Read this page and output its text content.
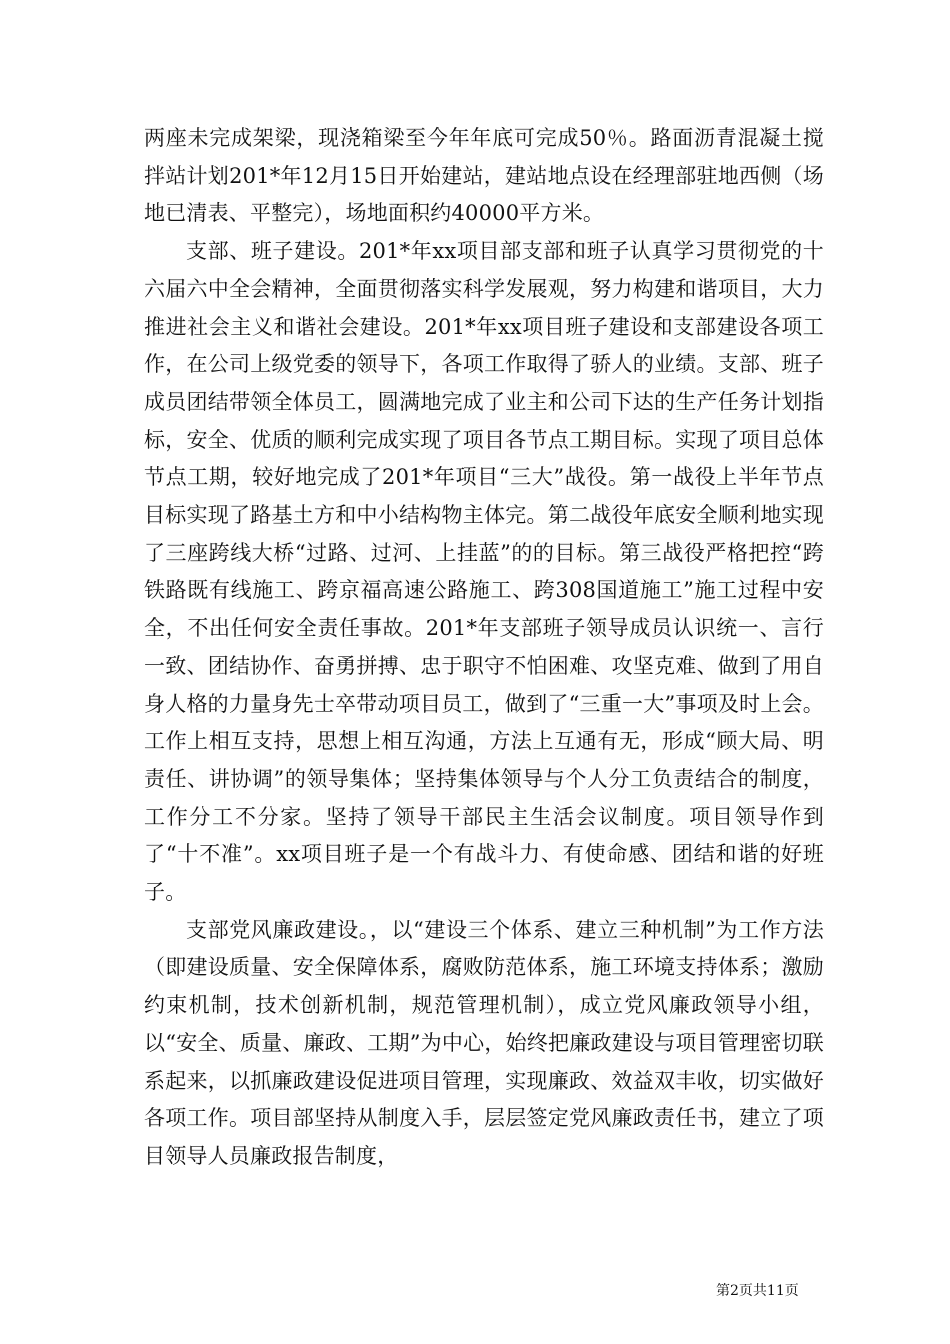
两座未完成架梁，现浇箱梁至今年年底可完成50％。路面沥青混凝土搅拌站计划201*年12月15日开始建站，建站地点设在经理部驻地西侧（场地已清表、平整完），场地面积约40000平方米。

支部、班子建设。201*年xx项目部支部和班子认真学习贯彻党的十六届六中全会精神，全面贯彻落实科学发展观，努力构建和谐项目，大力推进社会主义和谐社会建设。201*年xx项目班子建设和支部建设各项工作，在公司上级党委的领导下，各项工作取得了骄人的业绩。支部、班子成员团结带领全体员工，圆满地完成了业主和公司下达的生产任务计划指标，安全、优质的顺利完成实现了项目各节点工期目标。实现了项目总体节点工期，较好地完成了201*年项目“三大”战役。第一战役上半年节点目标实现了路基土方和中小结构物主体完。第二战役年底安全顺利地实现了三座跨线大桥“过路、过河、上挂蓝”的的目标。第三战役严格把控“跨铁路既有线施工、跨京福高速公路施工、跨308国道施工”施工过程中安全，不出任何安全责任事故。201*年支部班子领导成员认识统一、言行一致、团结协作、奋勇拼搏、忠于职守不怕困难、攻坚克难、做到了用自身人格的力量身先士卒带动项目员工，做到了“三重一大”事项及时上会。工作上相互支持，思想上相互沟通，方法上互通有无，形成“顾大局、明责任、讲协调”的领导集体；坚持集体领导与个人分工负责结合的制度，工作分工不分家。坚持了领导干部民主生活会议制度。项目领导作到了“十不准”。xx项目班子是一个有战斗力、有使命感、团结和谐的好班子。

支部党风廉政建设。，以“建设三个体系、建立三种机制”为工作方法（即建设质量、安全保障体系，腐败防范体系，施工环境支持体系；激励约束机制，技术创新机制，规范管理机制），成立党风廉政领导小组，以“安全、质量、廉政、工期”为中心，始终把廉政建设与项目管理密切联系起来，以抓廉政建设促进项目管理，实现廉政、效益双丰收，切实做好各项工作。项目部坚持从制度入手，层层签定党风廉政责任书，建立了项目领导人员廉政报告制度，

第2页共11页
